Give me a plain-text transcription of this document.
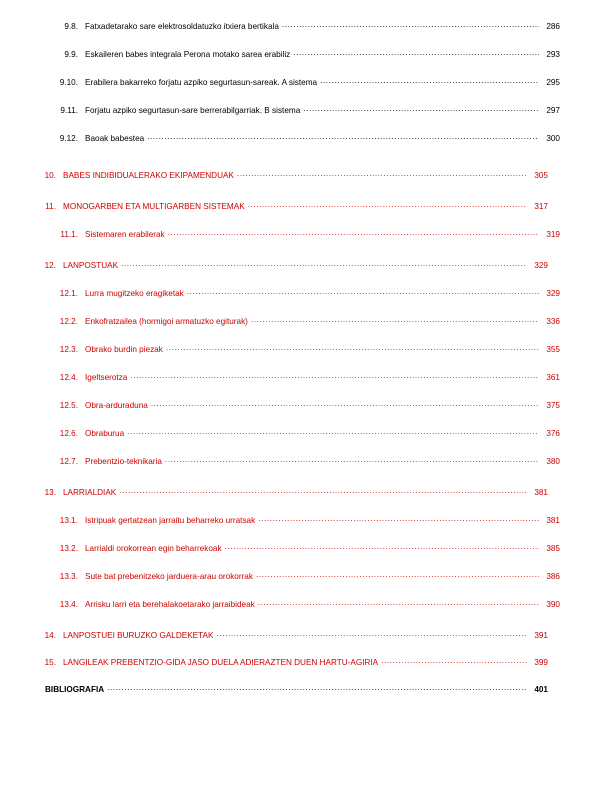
9.8. Fatxadetarako sare elektrosoldatuzko itxiera bertikala .....	286
9.9. Eskaileren babes integrala Perona motako sarea erabiliz .....	293
9.10. Erabilera bakarreko forjatu azpiko segurtasun-sareak. A sistema .....	295
9.11. Forjatu azpiko segurtasun-sare berrerabilgarriak. B sistema .....	297
9.12. Baoak babestea .....	300
10. BABES INDIBIDUALERAKO EKIPAMENDUAK .....	305
11. MONOGARBEN ETA MULTIGARBEN SISTEMAK .....	317
11.1. Sistemaren erabilerak .....	319
12. LANPOSTUAK .....	329
12.1. Lurra mugitzeko eragiketak .....	329
12.2. Enkofratzailea (hormigoi armatuzko egiturak) .....	336
12.3. Obrako burdin piezak .....	355
12.4. Igeltserotza .....	361
12.5. Obra-arduraduna .....	375
12.6. Obraburua .....	376
12.7. Prebentzio-teknikaria .....	380
13. LARRIALDIAK .....	381
13.1. Istripuak gertatzean jarraitu beharreko urratsak .....	381
13.2. Larrialdi orokorrean egin beharrekoak .....	385
13.3. Sute bat prebenitzeko jarduera-arau orokorrak .....	386
13.4. Arrisku larri eta berehalakoetarako jarraibideak .....	390
14. LANPOSTUEI BURUZKO GALDEKETAK .....	391
15. LANGILEAK PREBENTZIO-GIDA JASO DUELA ADIERAZTEN DUEN HARTU-AGIRIA .....	399
BIBLIOGRAFIA .....	401
